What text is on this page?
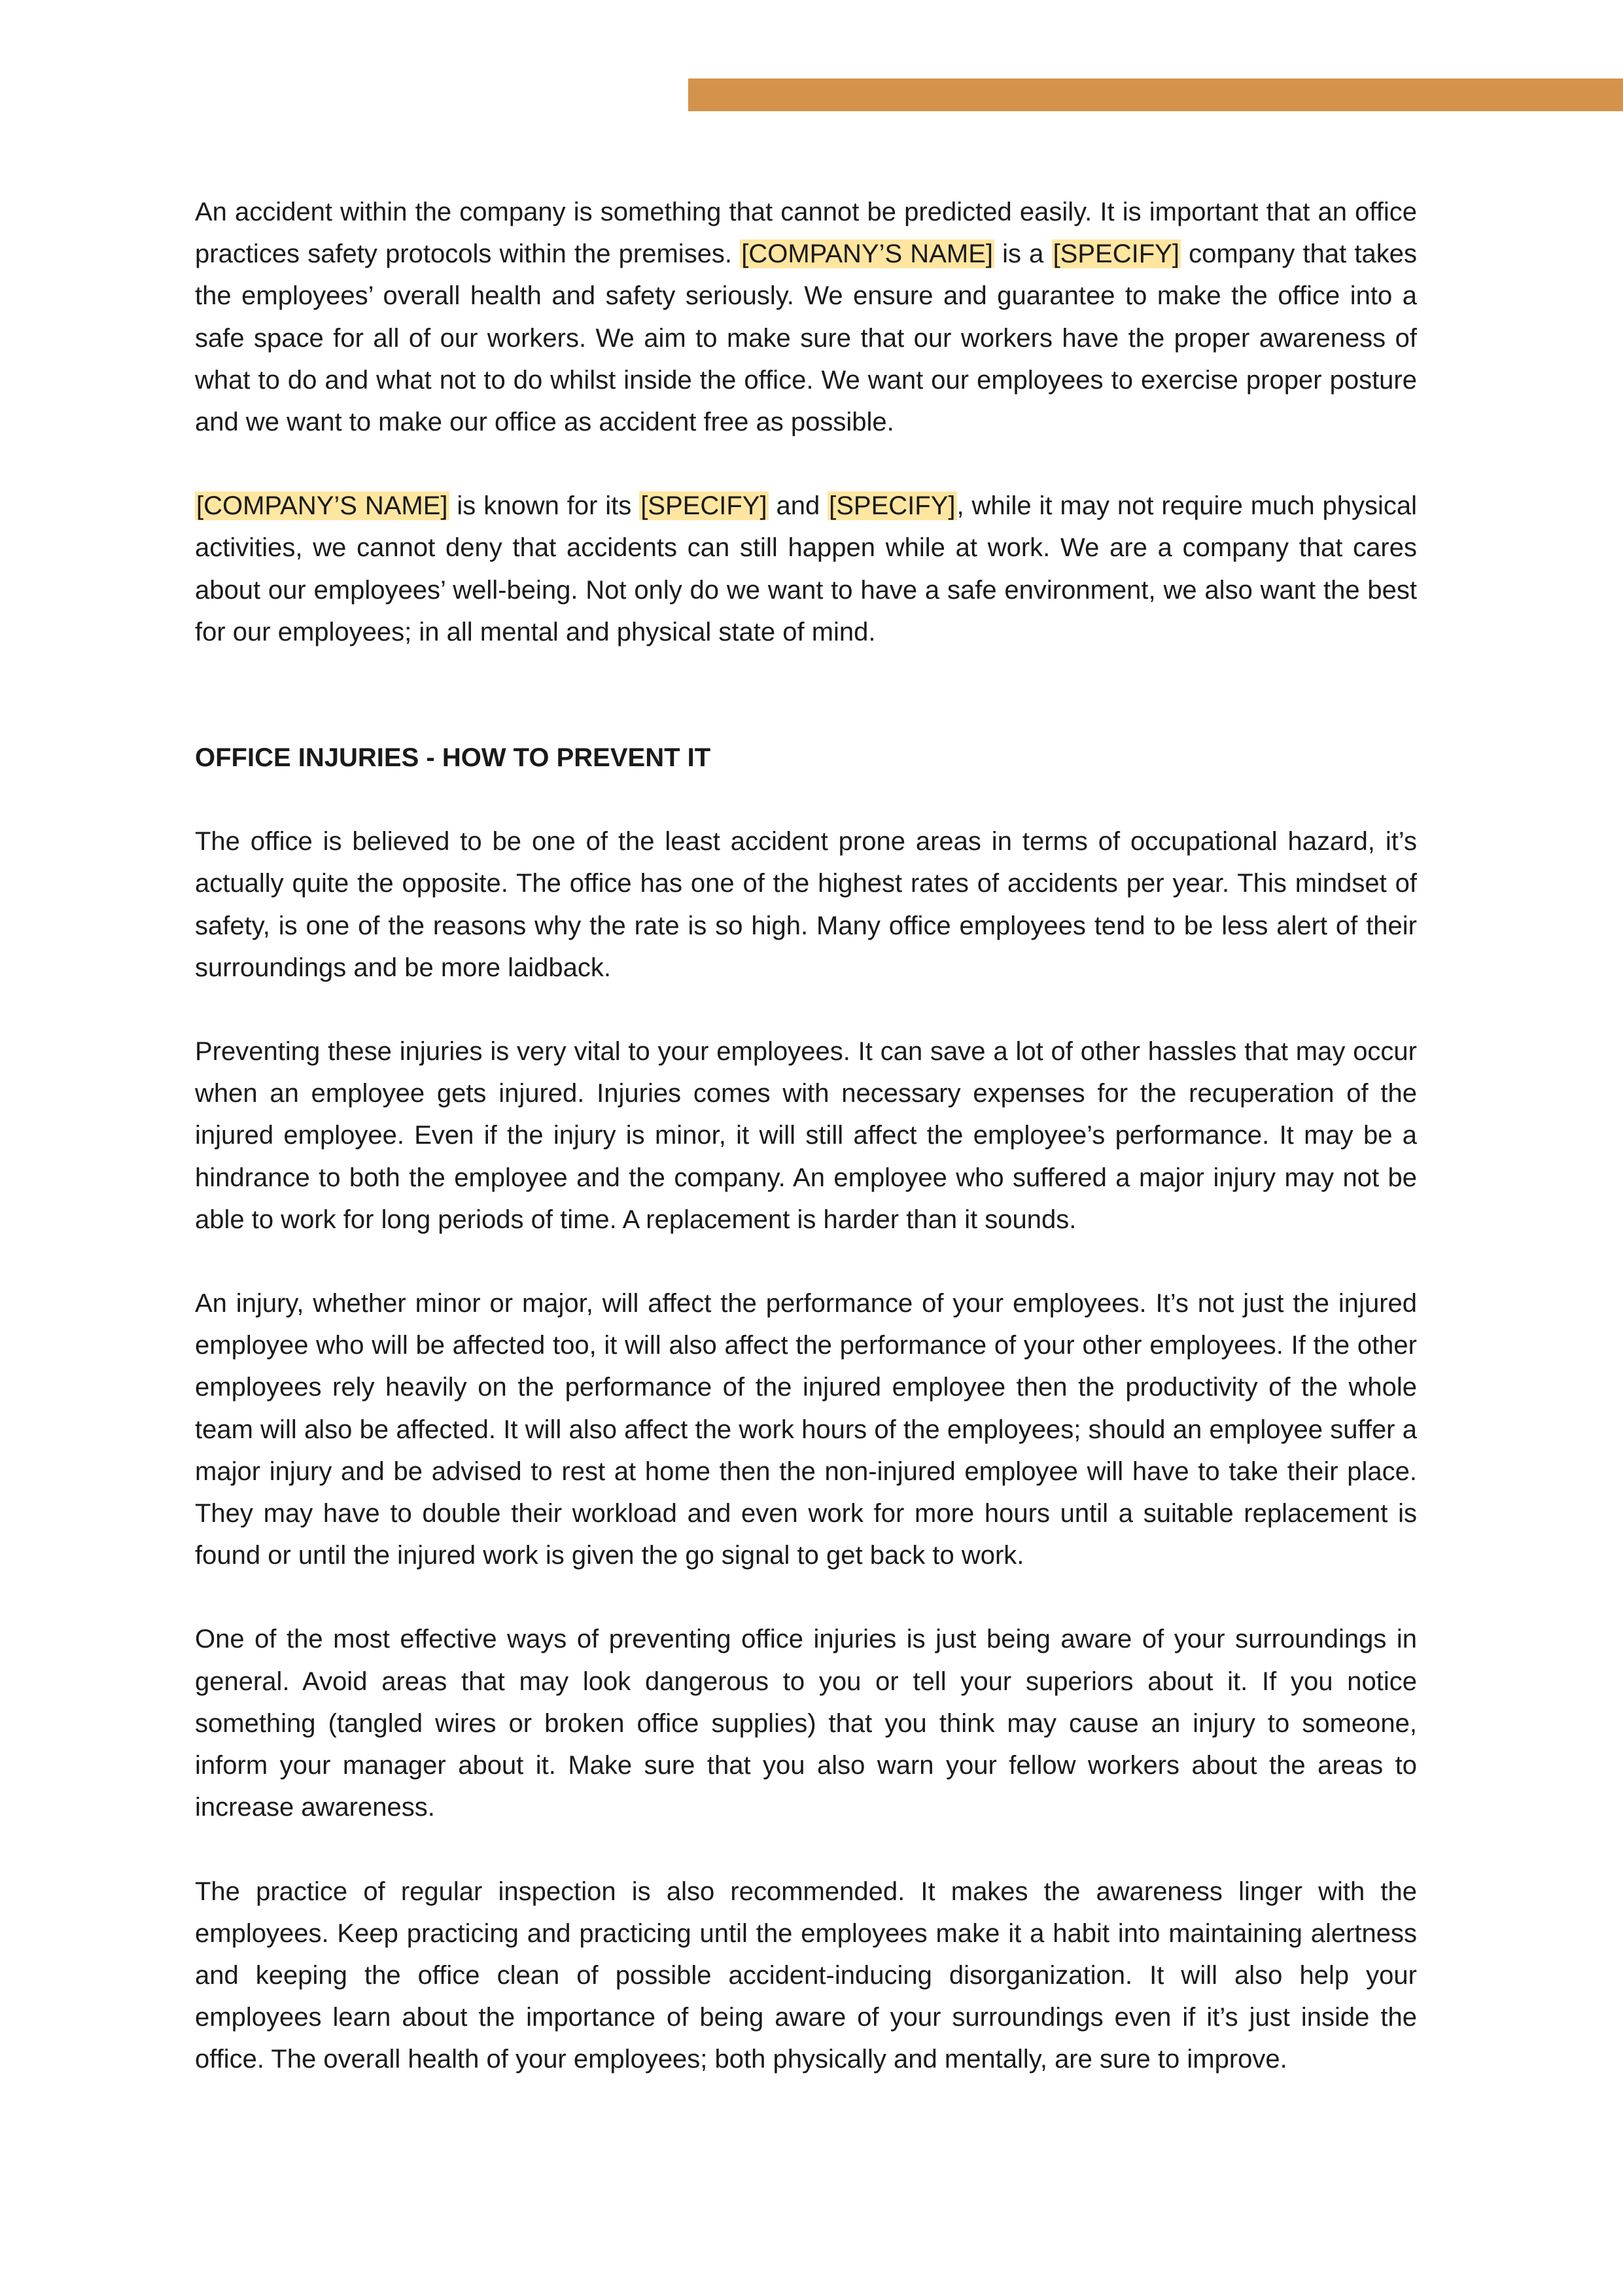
An accident within the company is something that cannot be predicted easily. It is important that an office practices safety protocols within the premises. [COMPANY’S NAME] is a [SPECIFY] company that takes the employees’ overall health and safety seriously. We ensure and guarantee to make the office into a safe space for all of our workers. We aim to make sure that our workers have the proper awareness of what to do and what not to do whilst inside the office. We want our employees to exercise proper posture and we want to make our office as accident free as possible.

[COMPANY’S NAME] is known for its [SPECIFY] and [SPECIFY], while it may not require much physical activities, we cannot deny that accidents can still happen while at work. We are a company that cares about our employees’ well-being. Not only do we want to have a safe environment, we also want the best for our employees; in all mental and physical state of mind.

OFFICE INJURIES - HOW TO PREVENT IT

The office is believed to be one of the least accident prone areas in terms of occupational hazard, it’s actually quite the opposite. The office has one of the highest rates of accidents per year. This mindset of safety, is one of the reasons why the rate is so high. Many office employees tend to be less alert of their surroundings and be more laidback.

Preventing these injuries is very vital to your employees. It can save a lot of other hassles that may occur when an employee gets injured. Injuries comes with necessary expenses for the recuperation of the injured employee. Even if the injury is minor, it will still affect the employee’s performance. It may be a hindrance to both the employee and the company. An employee who suffered a major injury may not be able to work for long periods of time. A replacement is harder than it sounds.

An injury, whether minor or major, will affect the performance of your employees. It’s not just the injured employee who will be affected too, it will also affect the performance of your other employees. If the other employees rely heavily on the performance of the injured employee then the productivity of the whole team will also be affected. It will also affect the work hours of the employees; should an employee suffer a major injury and be advised to rest at home then the non-injured employee will have to take their place. They may have to double their workload and even work for more hours until a suitable replacement is found or until the injured work is given the go signal to get back to work.

One of the most effective ways of preventing office injuries is just being aware of your surroundings in general. Avoid areas that may look dangerous to you or tell your superiors about it. If you notice something (tangled wires or broken office supplies) that you think may cause an injury to someone, inform your manager about it. Make sure that you also warn your fellow workers about the areas to increase awareness.

The practice of regular inspection is also recommended. It makes the awareness linger with the employees. Keep practicing and practicing until the employees make it a habit into maintaining alertness and keeping the office clean of possible accident-inducing disorganization. It will also help your employees learn about the importance of being aware of your surroundings even if it’s just inside the office. The overall health of your employees; both physically and mentally, are sure to improve.
